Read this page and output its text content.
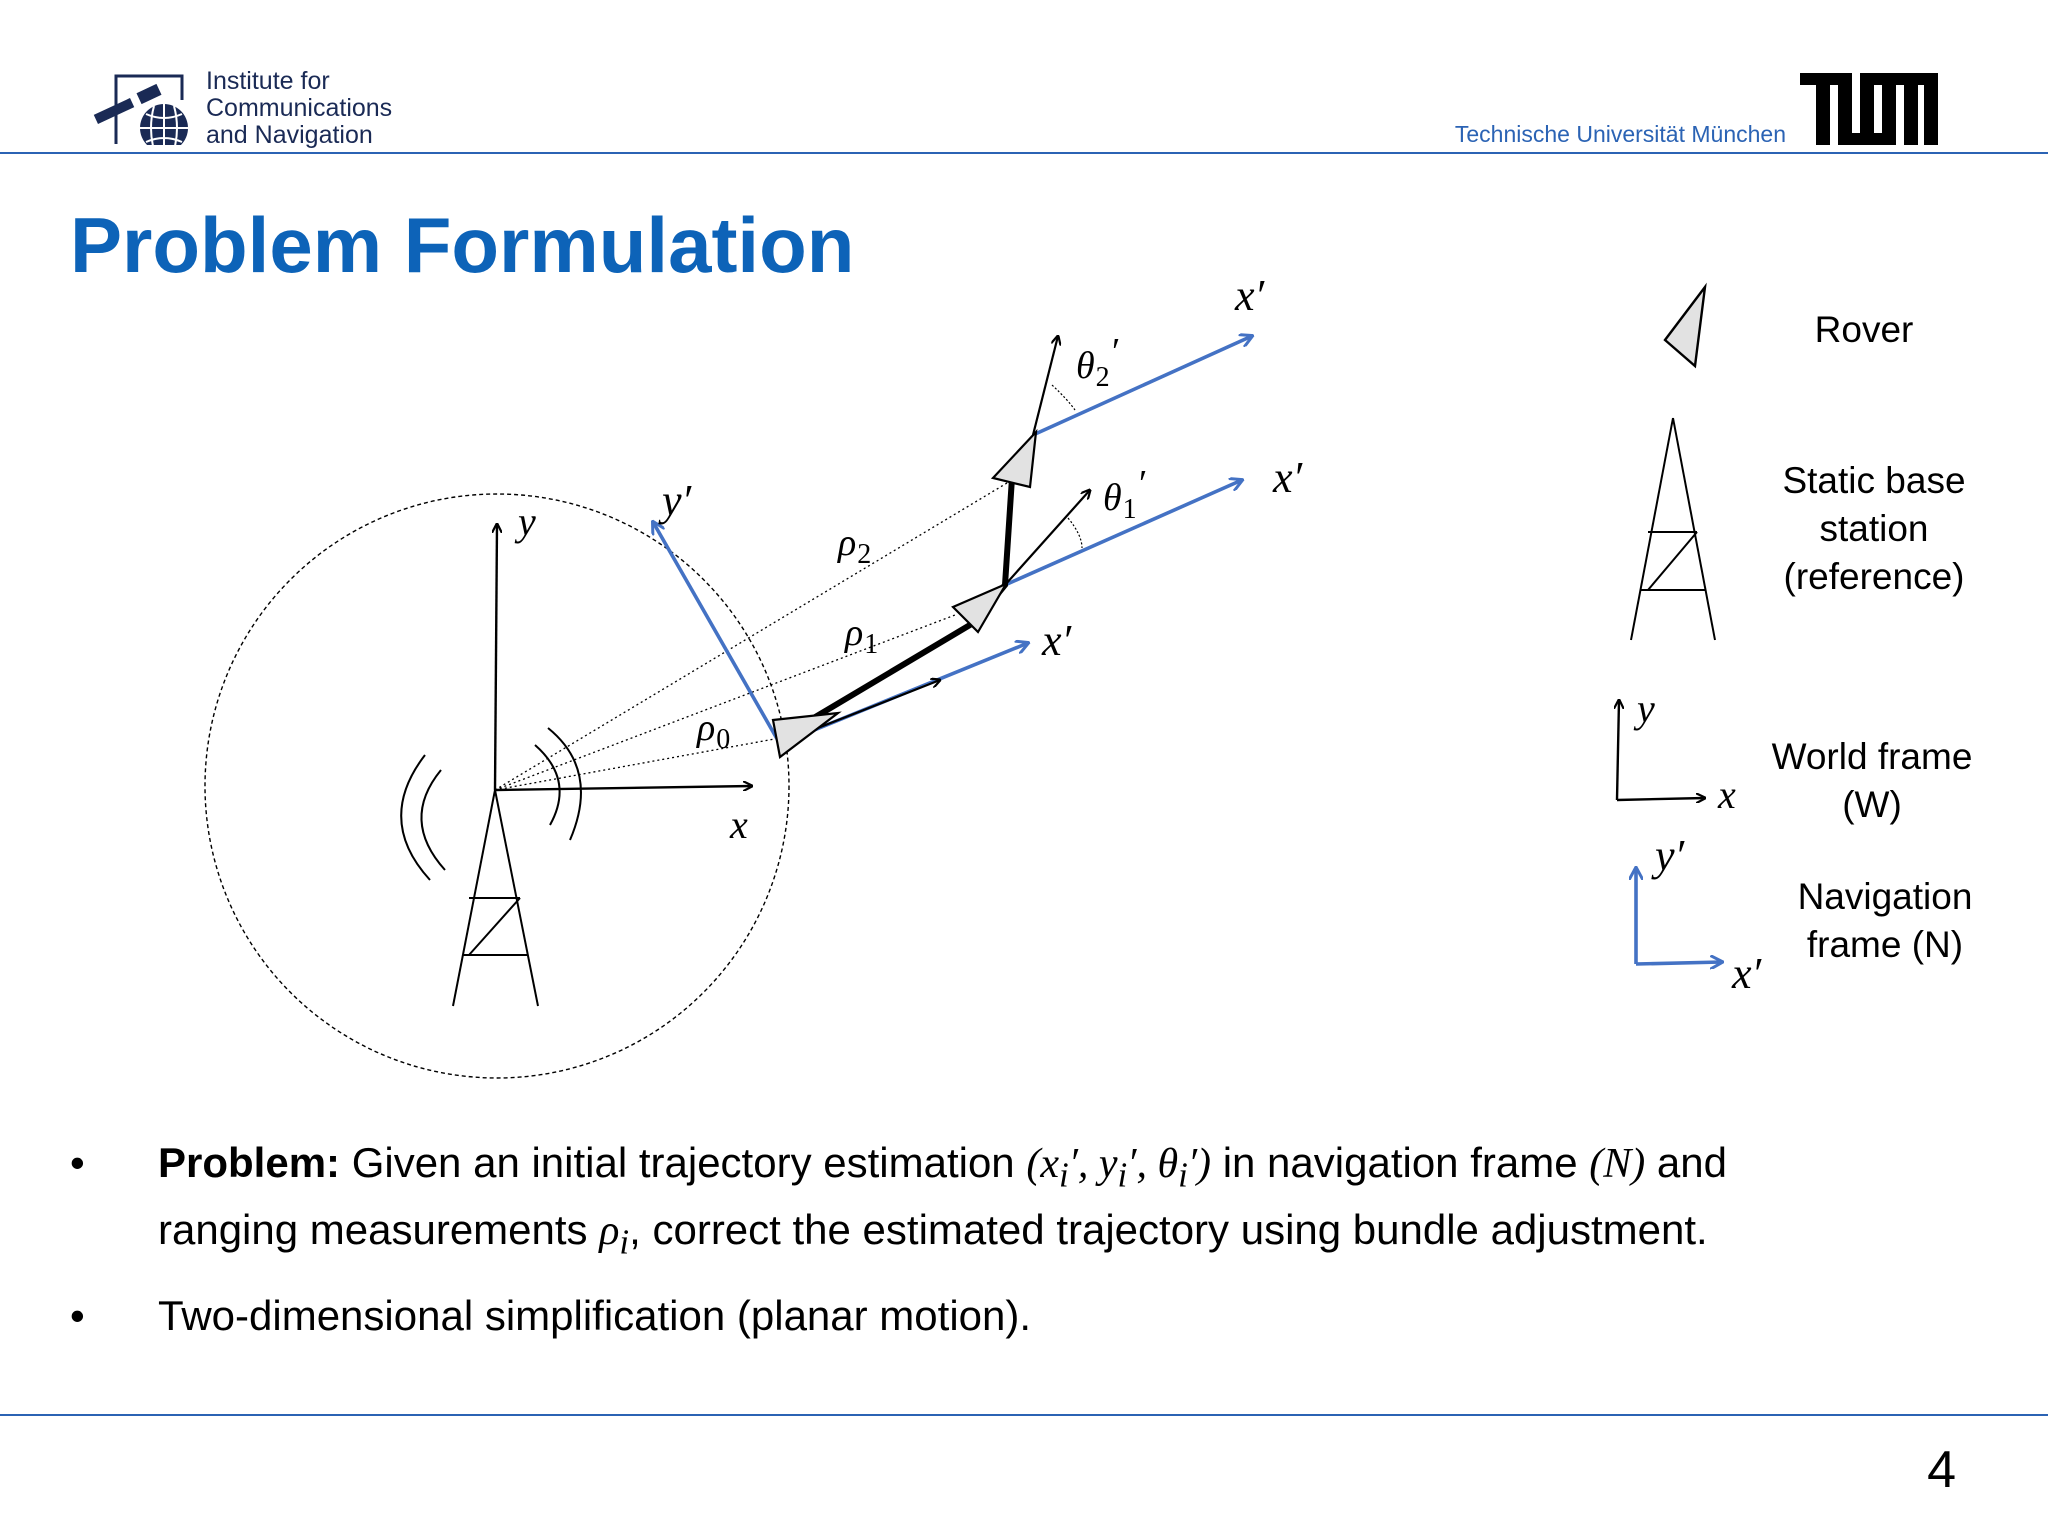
Institute for
Communications
and Navigation	Technische Universität München
Problem Formulation
y
x
y′
x′
x′
x′
$\rho_0$
$\rho_1$
$\rho_2$
$\theta_1'$
$\theta_2'$
y
x
y′
x′
Rover
Static base
station
(reference)
World frame
(W)
Navigation
frame (N)
• Problem: Given an initial trajectory estimation ($x_i'$, $y_i'$, $\theta_i'$) in navigation frame (N) and
ranging measurements $\rho_i$, correct the estimated trajectory using bundle adjustment.
• Two-dimensional simplification (planar motion).
4
